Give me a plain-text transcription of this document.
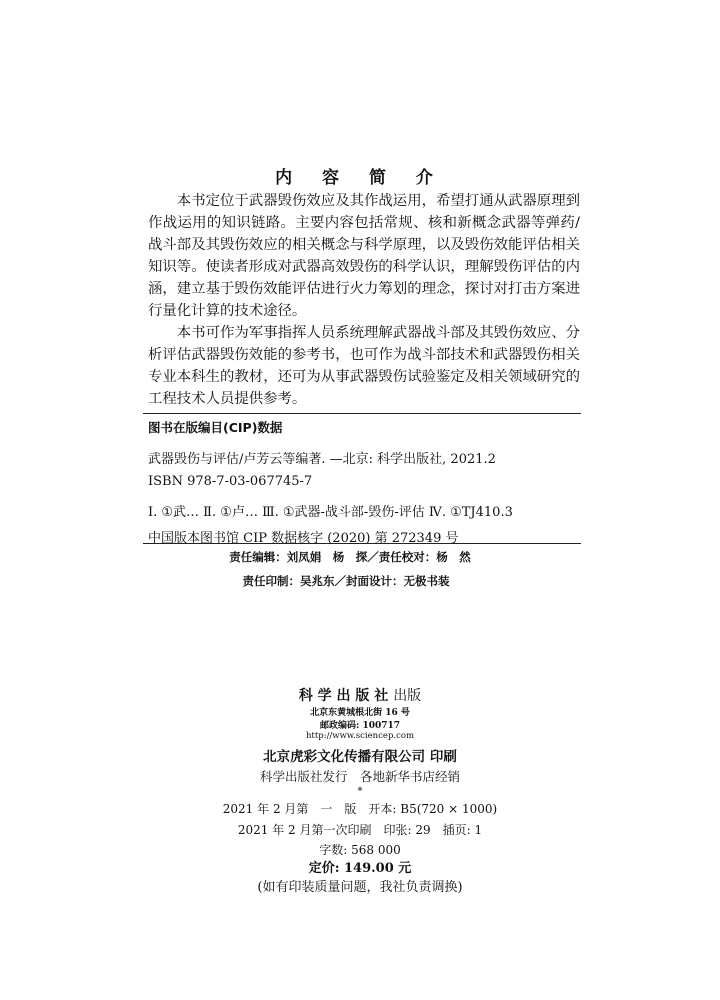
内 容 简 介

本书定位于武器毁伤效应及其作战运用，希望打通从武器原理到作战运用的知识链路。主要内容包括常规、核和新概念武器等弹药/战斗部及其毁伤效应的相关概念与科学原理，以及毁伤效能评估相关知识等。使读者形成对武器高效毁伤的科学认识，理解毁伤评估的内涵，建立基于毁伤效能评估进行火力筹划的理念，探讨对打击方案进行量化计算的技术途径。

本书可作为军事指挥人员系统理解武器战斗部及其毁伤效应、分析评估武器毁伤效能的参考书，也可作为战斗部技术和武器毁伤相关专业本科生的教材，还可为从事武器毁伤试验鉴定及相关领域研究的工程技术人员提供参考。

图书在版编目(CIP)数据
武器毁伤与评估/卢芳云等编著. —北京: 科学出版社, 2021.2
ISBN 978-7-03-067745-7
Ⅰ. ①武… Ⅱ. ①卢… Ⅲ. ①武器-战斗部-毁伤-评估 Ⅳ. ①TJ410.3
中国版本图书馆 CIP 数据核字 (2020) 第 272349 号
责任编辑：刘凤娟　杨　探／责任校对：杨　然
责任印制：吴兆东／封面设计：无极书装
科 学 出 版 社 出版
北京东黄城根北街 16 号
邮政编码: 100717
http://www.sciencep.com
北京虎彩文化传播有限公司 印刷
科学出版社发行　各地新华书店经销
*
2021 年 2 月第　一　版　开本: B5(720 × 1000)
2021 年 2 月第一次印刷　印张: 29　插页: 1
字数: 568 000
定价: 149.00 元
(如有印装质量问题，我社负责调换)
